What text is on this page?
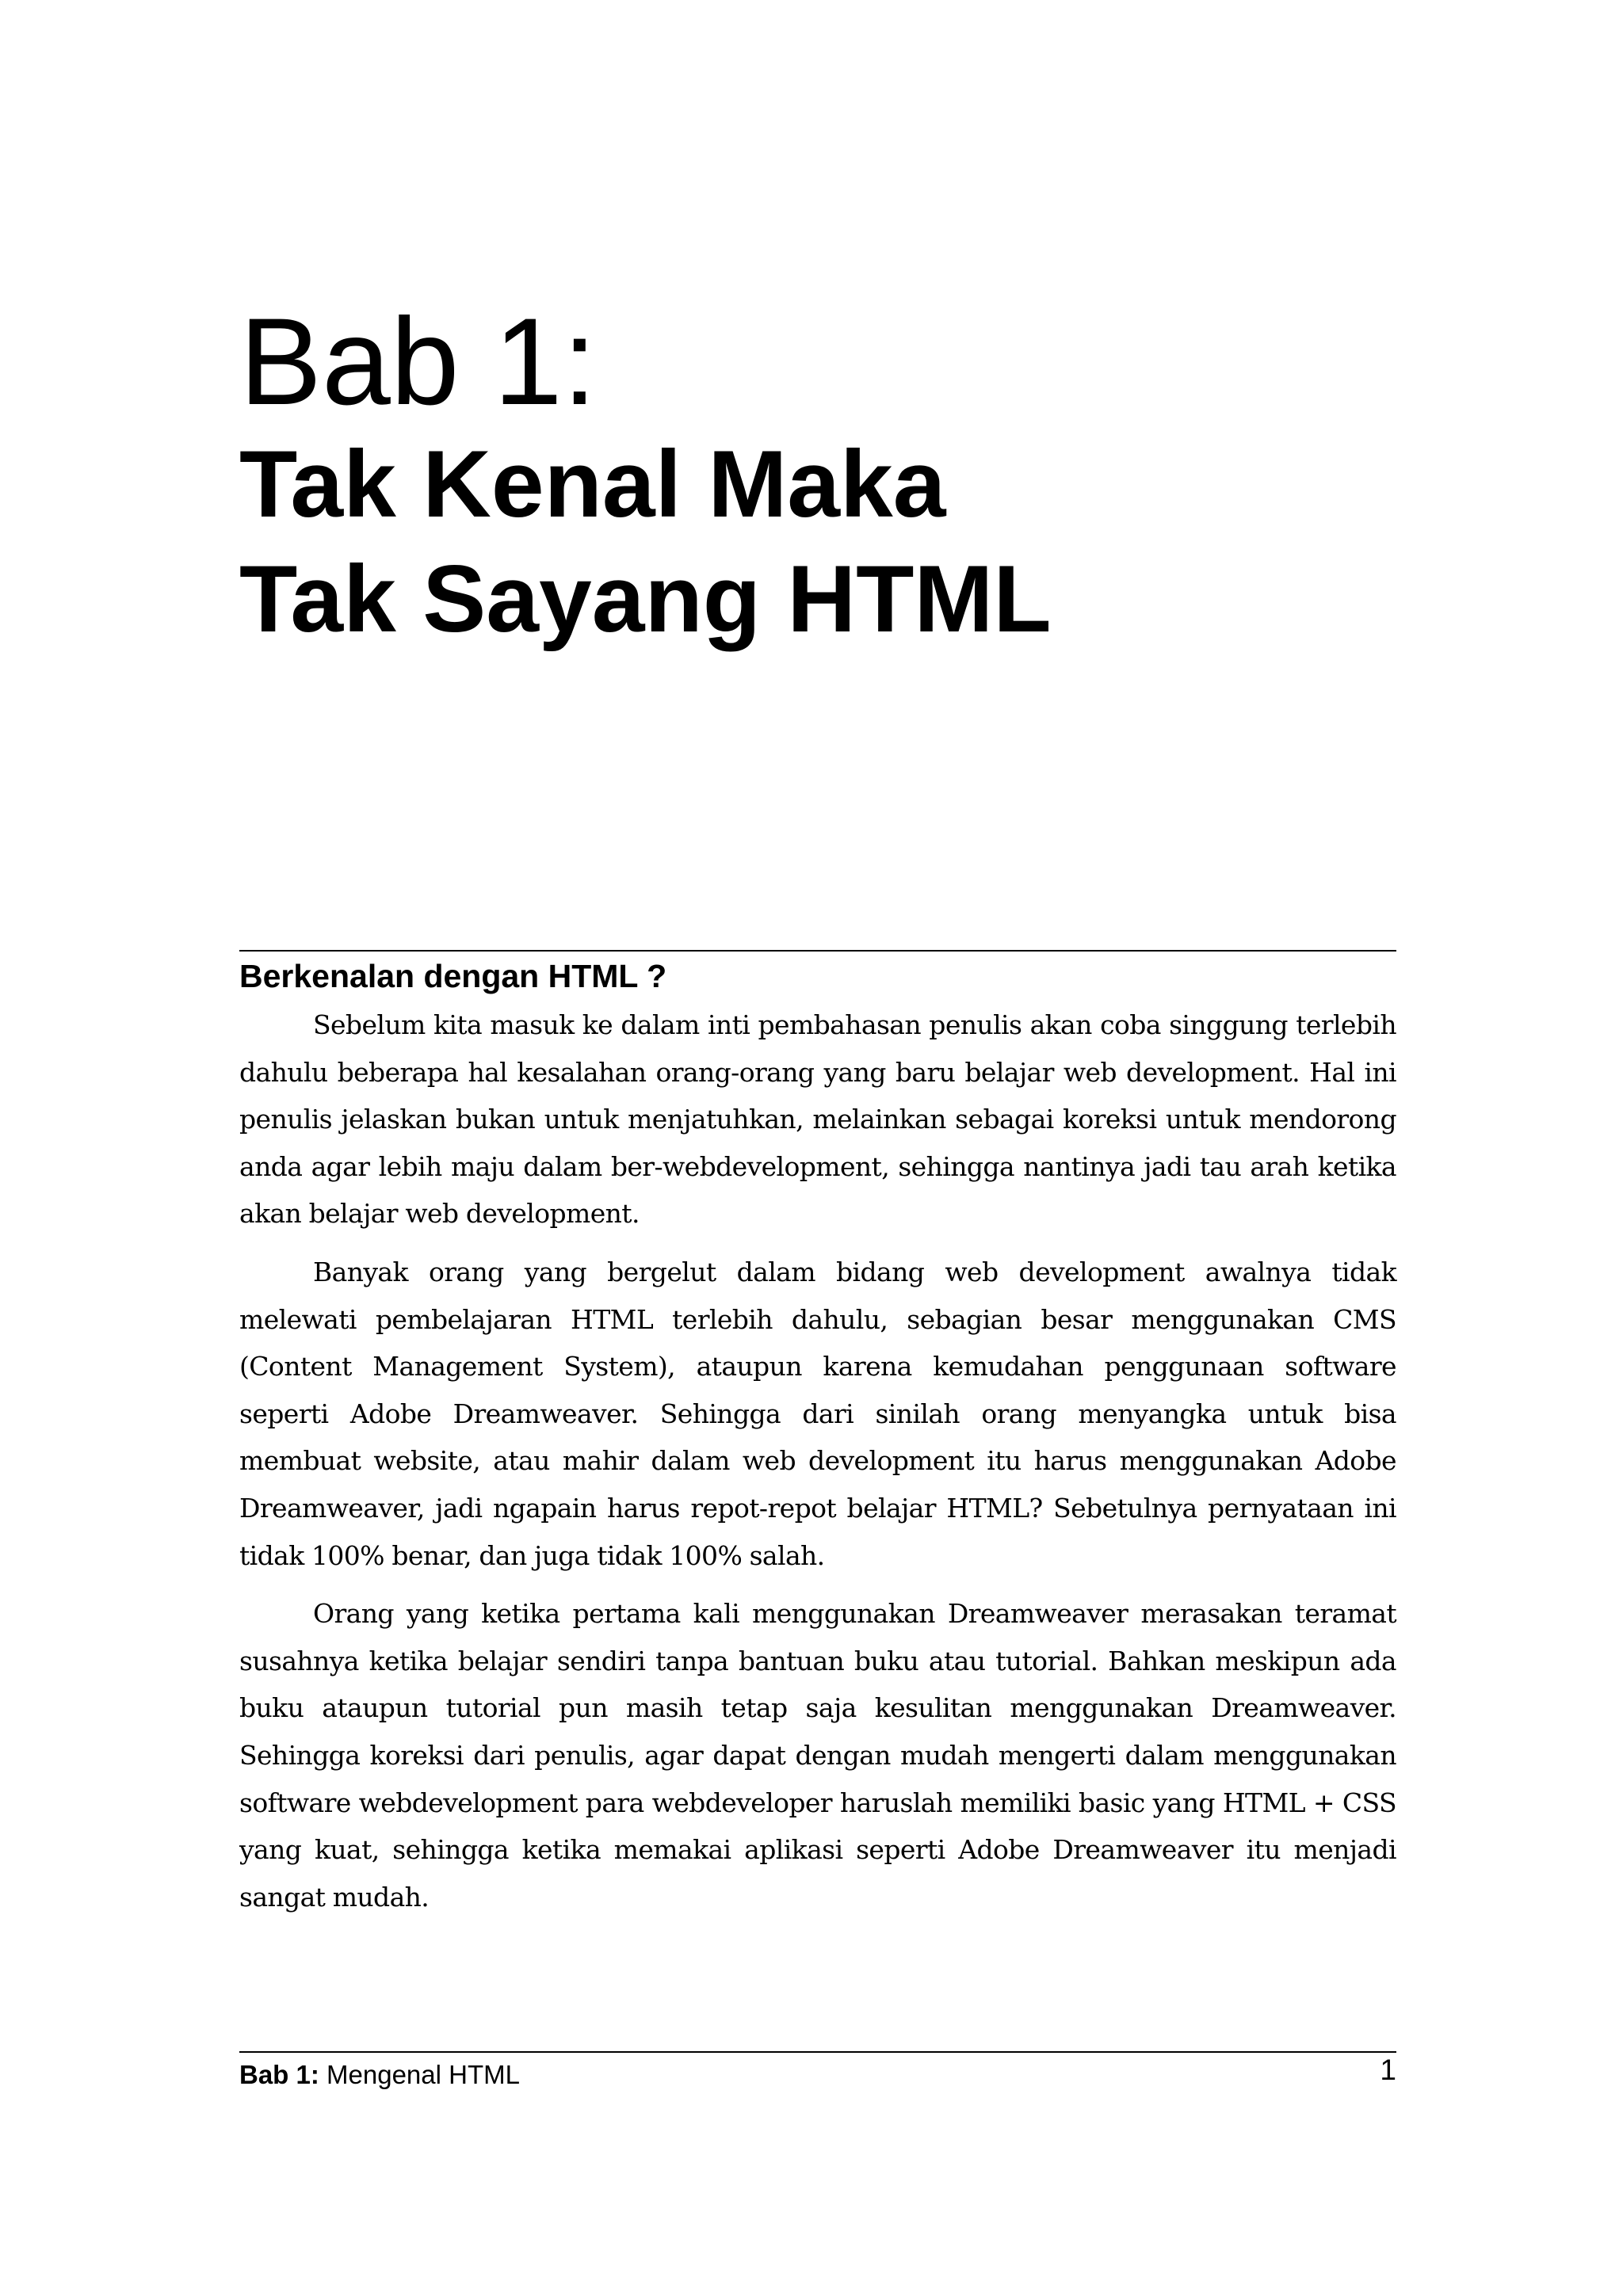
Bab 1:
Tak Kenal Maka
Tak Sayang HTML
Berkenalan dengan HTML ?

Sebelum kita masuk ke dalam inti pembahasan penulis akan coba singgung terlebih dahulu beberapa hal kesalahan orang-orang yang baru belajar web development. Hal ini penulis jelaskan bukan untuk menjatuhkan, melainkan sebagai koreksi untuk mendorong anda agar lebih maju dalam ber-webdevelopment, sehingga nantinya jadi tau arah ketika akan belajar web development.

Banyak orang yang bergelut dalam bidang web development awalnya tidak melewati pembelajaran HTML terlebih dahulu, sebagian besar menggunakan CMS (Content Management System), ataupun karena kemudahan penggunaan software seperti Adobe Dreamweaver. Sehingga dari sinilah orang menyangka untuk bisa membuat website, atau mahir dalam web development itu harus menggunakan Adobe Dreamweaver, jadi ngapain harus repot-repot belajar HTML? Sebetulnya pernyataan ini tidak 100% benar, dan juga tidak 100% salah.

Orang yang ketika pertama kali menggunakan Dreamweaver merasakan teramat susahnya ketika belajar sendiri tanpa bantuan buku atau tutorial. Bahkan meskipun ada buku ataupun tutorial pun masih tetap saja kesulitan menggunakan Dreamweaver. Sehingga koreksi dari penulis, agar dapat dengan mudah mengerti dalam menggunakan software webdevelopment para webdeveloper haruslah memiliki basic yang HTML + CSS yang kuat, sehingga ketika memakai aplikasi seperti Adobe Dreamweaver itu menjadi sangat mudah.

Bab 1: Mengenal HTML	1
